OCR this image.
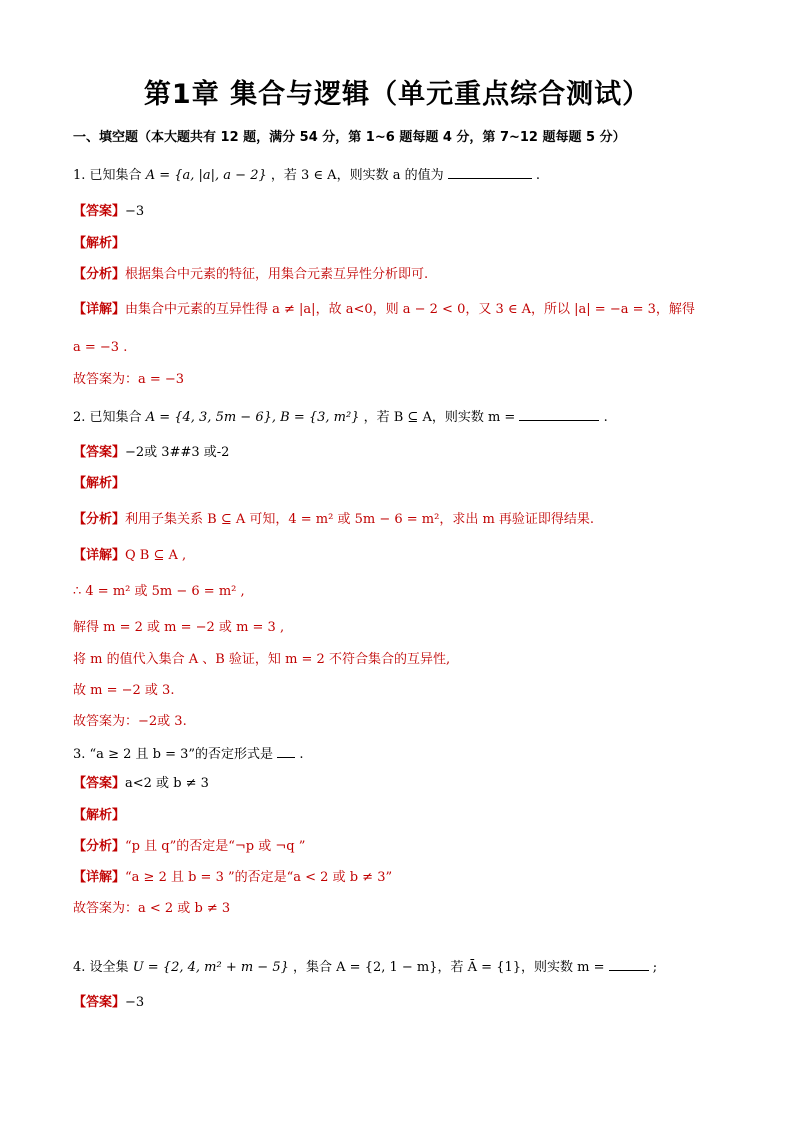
第1章 集合与逻辑（单元重点综合测试）
一、填空题（本大题共有 12 题，满分 54 分，第 1~6 题每题 4 分，第 7~12 题每题 5 分）
1. 已知集合 A = {a, |a|, a − 2} ，若 3 ∈ A，则实数 a 的值为	.
【答案】−3
【解析】
【分析】根据集合中元素的特征，用集合元素互异性分析即可.
【详解】由集合中元素的互异性得 a ≠ |a|，故 a<0，则 a − 2 < 0，又 3 ∈ A，所以 |a| = −a = 3，解得
a = −3 .
故答案为：a = −3
2. 已知集合 A = {4, 3, 5m − 6}, B = {3, m²} ，若 B ⊆ A，则实数 m =	.
【答案】−2或 3##3 或-2
【解析】
【分析】利用子集关系 B ⊆ A 可知，4 = m² 或 5m − 6 = m²，求出 m 再验证即得结果.
【详解】Q B ⊆ A ,
∴ 4 = m² 或 5m − 6 = m² ,
解得 m = 2 或 m = −2 或 m = 3 ,
将 m 的值代入集合 A 、B 验证，知 m = 2 不符合集合的互异性,
故 m = −2 或 3.
故答案为：−2或 3.
3. “a ≥ 2 且 b = 3”的否定形式是 .
【答案】a<2 或 b ≠ 3
【解析】
【分析】“p 且 q”的否定是“¬p 或 ¬q ”
【详解】“a ≥ 2 且 b = 3 ”的否定是“a < 2 或 b ≠ 3”
故答案为：a < 2 或 b ≠ 3
4. 设全集 U = {2, 4, m² + m − 5} ，集合 A = {2, 1 − m}，若 Ā = {1}，则实数 m =	;
【答案】−3
